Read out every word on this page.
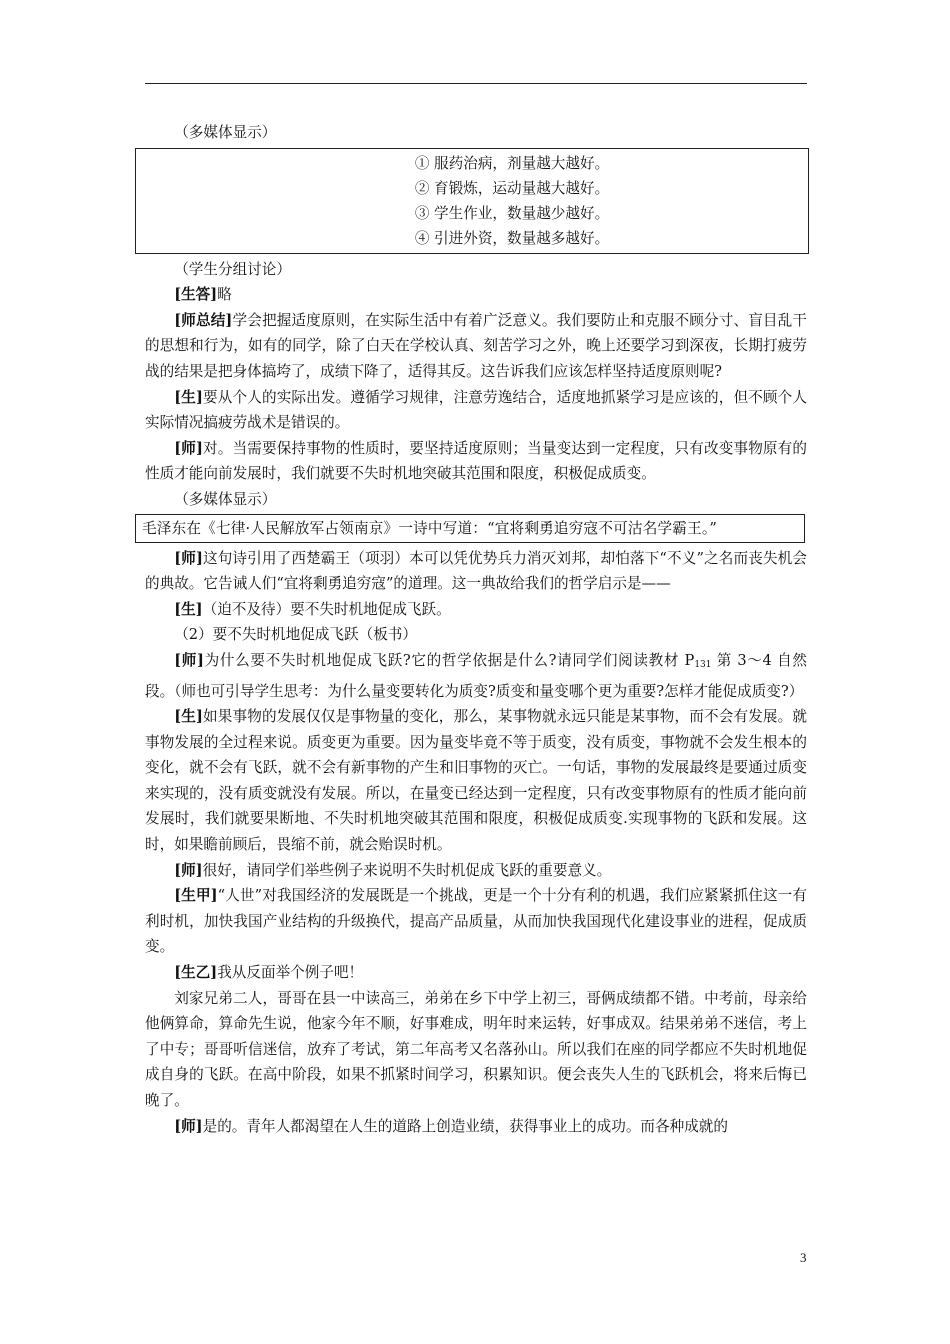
（多媒体显示）

① 服药治病，剂量越大越好。
② 育锻炼，运动量越大越好。
③ 学生作业，数量越少越好。
④ 引进外资，数量越多越好。

（学生分组讨论）

[生答]略

[师总结]学会把握适度原则，在实际生活中有着广泛意义。我们要防止和克服不顾分寸、盲目乱干的思想和行为，如有的同学，除了白天在学校认真、刻苦学习之外，晚上还要学习到深夜，长期打疲劳战的结果是把身体搞垮了，成绩下降了，适得其反。这告诉我们应该怎样坚持适度原则呢?

[生]要从个人的实际出发。遵循学习规律，注意劳逸结合，适度地抓紧学习是应该的，但不顾个人实际情况搞疲劳战术是错误的。

[师]对。当需要保持事物的性质时，要坚持适度原则；当量变达到一定程度，只有改变事物原有的性质才能向前发展时，我们就要不失时机地突破其范围和限度，积极促成质变。

（多媒体显示）

毛泽东在《七律·人民解放军占领南京》一诗中写道：“宜将剩勇追穷寇不可沽名学霸王。”

[师]这句诗引用了西楚霸王（项羽）本可以凭优势兵力消灭刘邦，却怕落下“不义”之名而丧失机会的典故。它告诫人们“宜将剩勇追穷寇”的道理。这一典故给我们的哲学启示是——

[生]（迫不及待）要不失时机地促成飞跃。

（2）要不失时机地促成飞跃（板书）

[师]为什么要不失时机地促成飞跃?它的哲学依据是什么?请同学们阅读教材 $P_{131}$ 第 3～4 自然段。（师也可引导学生思考：为什么量变要转化为质变?质变和量变哪个更为重要?怎样才能促成质变?）

[生]如果事物的发展仅仅是事物量的变化，那么，某事物就永远只能是某事物，而不会有发展。就事物发展的全过程来说。质变更为重要。因为量变毕竟不等于质变，没有质变，事物就不会发生根本的变化，就不会有飞跃，就不会有新事物的产生和旧事物的灭亡。一句话，事物的发展最终是要通过质变来实现的，没有质变就没有发展。所以，在量变已经达到一定程度，只有改变事物原有的性质才能向前发展时，我们就要果断地、不失时机地突破其范围和限度，积极促成质变.实现事物的飞跃和发展。这时，如果瞻前顾后，畏缩不前，就会贻误时机。

[师]很好，请同学们举些例子来说明不失时机促成飞跃的重要意义。

[生甲]“人世”对我国经济的发展既是一个挑战，更是一个十分有利的机遇，我们应紧紧抓住这一有利时机，加快我国产业结构的升级换代，提高产品质量，从而加快我国现代化建设事业的进程，促成质变。

[生乙]我从反面举个例子吧！

刘家兄弟二人，哥哥在县一中读高三，弟弟在乡下中学上初三，哥俩成绩都不错。中考前，母亲给他俩算命，算命先生说，他家今年不顺，好事难成，明年时来运转，好事成双。结果弟弟不迷信，考上了中专；哥哥听信迷信，放弃了考试，第二年高考又名落孙山。所以我们在座的同学都应不失时机地促成自身的飞跃。在高中阶段，如果不抓紧时间学习，积累知识。便会丧失人生的飞跃机会，将来后悔已晚了。

[师]是的。青年人都渴望在人生的道路上创造业绩，获得事业上的成功。而各种成就的

3
